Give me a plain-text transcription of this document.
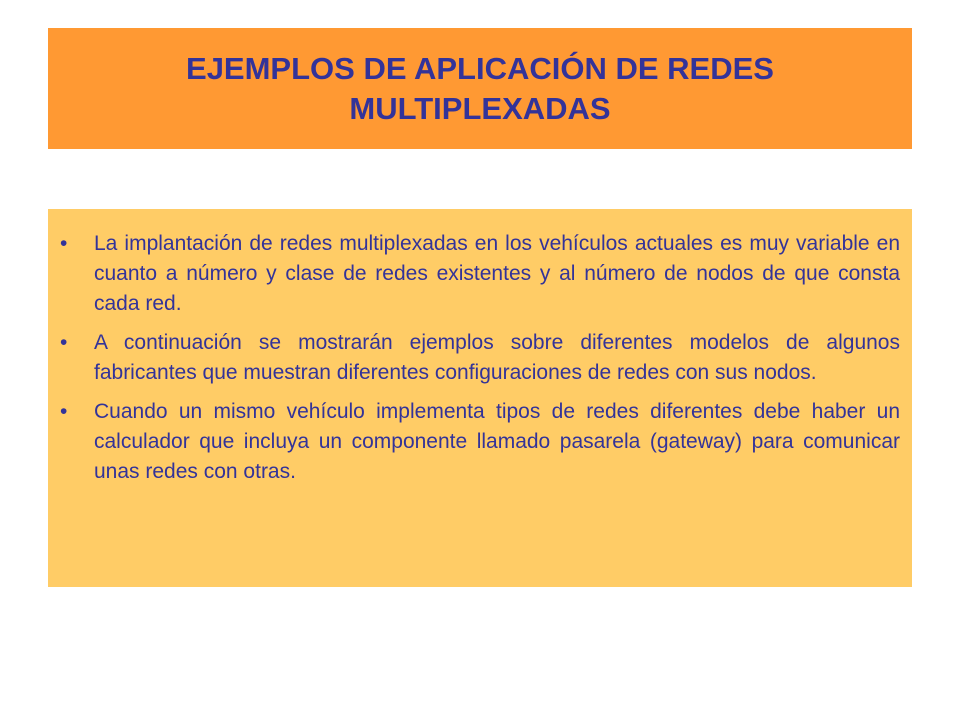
EJEMPLOS DE APLICACIÓN DE REDES
MULTIPLEXADAS
•	La implantación de redes multiplexadas en los vehículos actuales es muy variable en cuanto a número y clase de redes existentes y al número de nodos de que consta cada red.
•	A continuación se mostrarán ejemplos sobre diferentes modelos de algunos fabricantes que muestran diferentes configuraciones de redes con sus nodos.
•	Cuando un mismo vehículo implementa tipos de redes diferentes debe haber un calculador que incluya un componente llamado pasarela (gateway) para comunicar unas redes con otras.
